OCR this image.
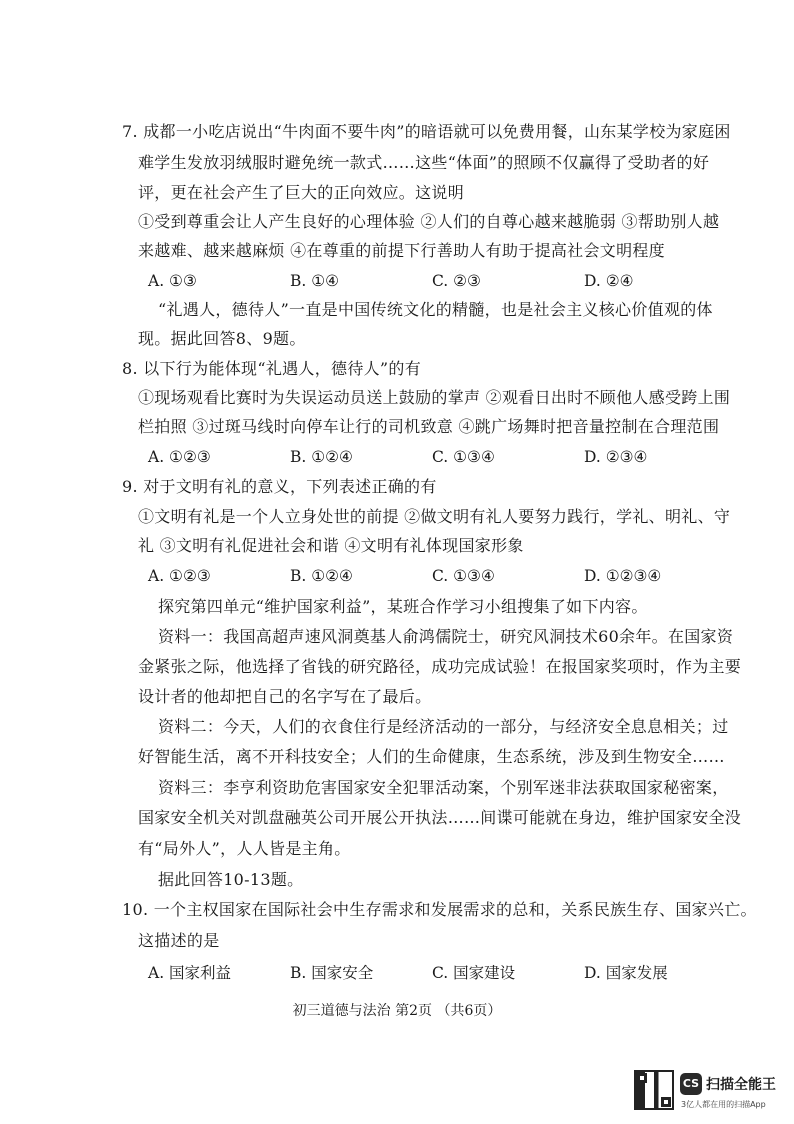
7. 成都一小吃店说出“牛肉面不要牛肉”的暗语就可以免费用餐，山东某学校为家庭困
难学生发放羽绒服时避免统一款式……这些“体面”的照顾不仅赢得了受助者的好
评，更在社会产生了巨大的正向效应。这说明
①受到尊重会让人产生良好的心理体验 ②人们的自尊心越来越脆弱 ③帮助别人越
来越难、越来越麻烦 ④在尊重的前提下行善助人有助于提高社会文明程度
A. ①③	B. ①④	C. ②③	D. ②④
“礼遇人，德待人”一直是中国传统文化的精髓，也是社会主义核心价值观的体
现。据此回答8、9题。
8. 以下行为能体现“礼遇人，德待人”的有
①现场观看比赛时为失误运动员送上鼓励的掌声 ②观看日出时不顾他人感受跨上围
栏拍照 ③过斑马线时向停车让行的司机致意 ④跳广场舞时把音量控制在合理范围
A. ①②③	B. ①②④	C. ①③④	D. ②③④
9. 对于文明有礼的意义，下列表述正确的有
①文明有礼是一个人立身处世的前提 ②做文明有礼人要努力践行，学礼、明礼、守
礼 ③文明有礼促进社会和谐 ④文明有礼体现国家形象
A. ①②③	B. ①②④	C. ①③④	D. ①②③④
探究第四单元“维护国家利益”，某班合作学习小组搜集了如下内容。
资料一：我国高超声速风洞奠基人俞鸿儒院士，研究风洞技术60余年。在国家资
金紧张之际，他选择了省钱的研究路径，成功完成试验！在报国家奖项时，作为主要
设计者的他却把自己的名字写在了最后。
资料二：今天，人们的衣食住行是经济活动的一部分，与经济安全息息相关；过
好智能生活，离不开科技安全；人们的生命健康，生态系统，涉及到生物安全……
资料三：李亨利资助危害国家安全犯罪活动案，个别军迷非法获取国家秘密案，
国家安全机关对凯盘融英公司开展公开执法……间谍可能就在身边，维护国家安全没
有“局外人”，人人皆是主角。
据此回答10-13题。
10. 一个主权国家在国际社会中生存需求和发展需求的总和，关系民族生存、国家兴亡。
这描述的是
A. 国家利益	B. 国家安全	C. 国家建设	D. 国家发展
初三道德与法治 第2页 （共6页）
CS 扫描全能王
3亿人都在用的扫描App
